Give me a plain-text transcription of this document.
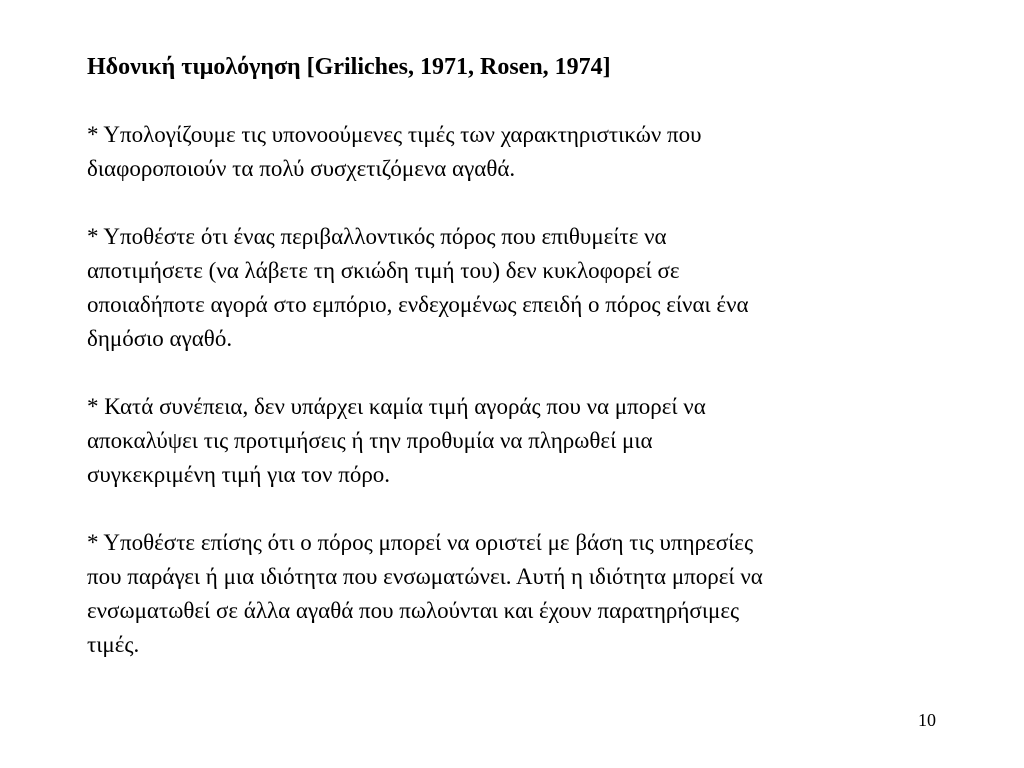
Ηδονική τιμολόγηση [Griliches, 1971, Rosen, 1974]
* Υπολογίζουμε τις υπονοούμενες τιμές των χαρακτηριστικών που
διαφοροποιούν τα πολύ συσχετιζόμενα αγαθά.
* Υποθέστε ότι ένας περιβαλλοντικός πόρος που επιθυμείτε να
αποτιμήσετε (να λάβετε τη σκιώδη τιμή του) δεν κυκλοφορεί σε
οποιαδήποτε αγορά στο εμπόριο, ενδεχομένως επειδή ο πόρος είναι ένα
δημόσιο αγαθό.
* Κατά συνέπεια, δεν υπάρχει καμία τιμή αγοράς που να μπορεί να
αποκαλύψει τις προτιμήσεις ή την προθυμία να πληρωθεί μια
συγκεκριμένη τιμή για τον πόρο.
* Υποθέστε επίσης ότι ο πόρος μπορεί να οριστεί με βάση τις υπηρεσίες
που παράγει ή μια ιδιότητα που ενσωματώνει. Αυτή η ιδιότητα μπορεί να
ενσωματωθεί σε άλλα αγαθά που πωλούνται και έχουν παρατηρήσιμες
τιμές.
10
